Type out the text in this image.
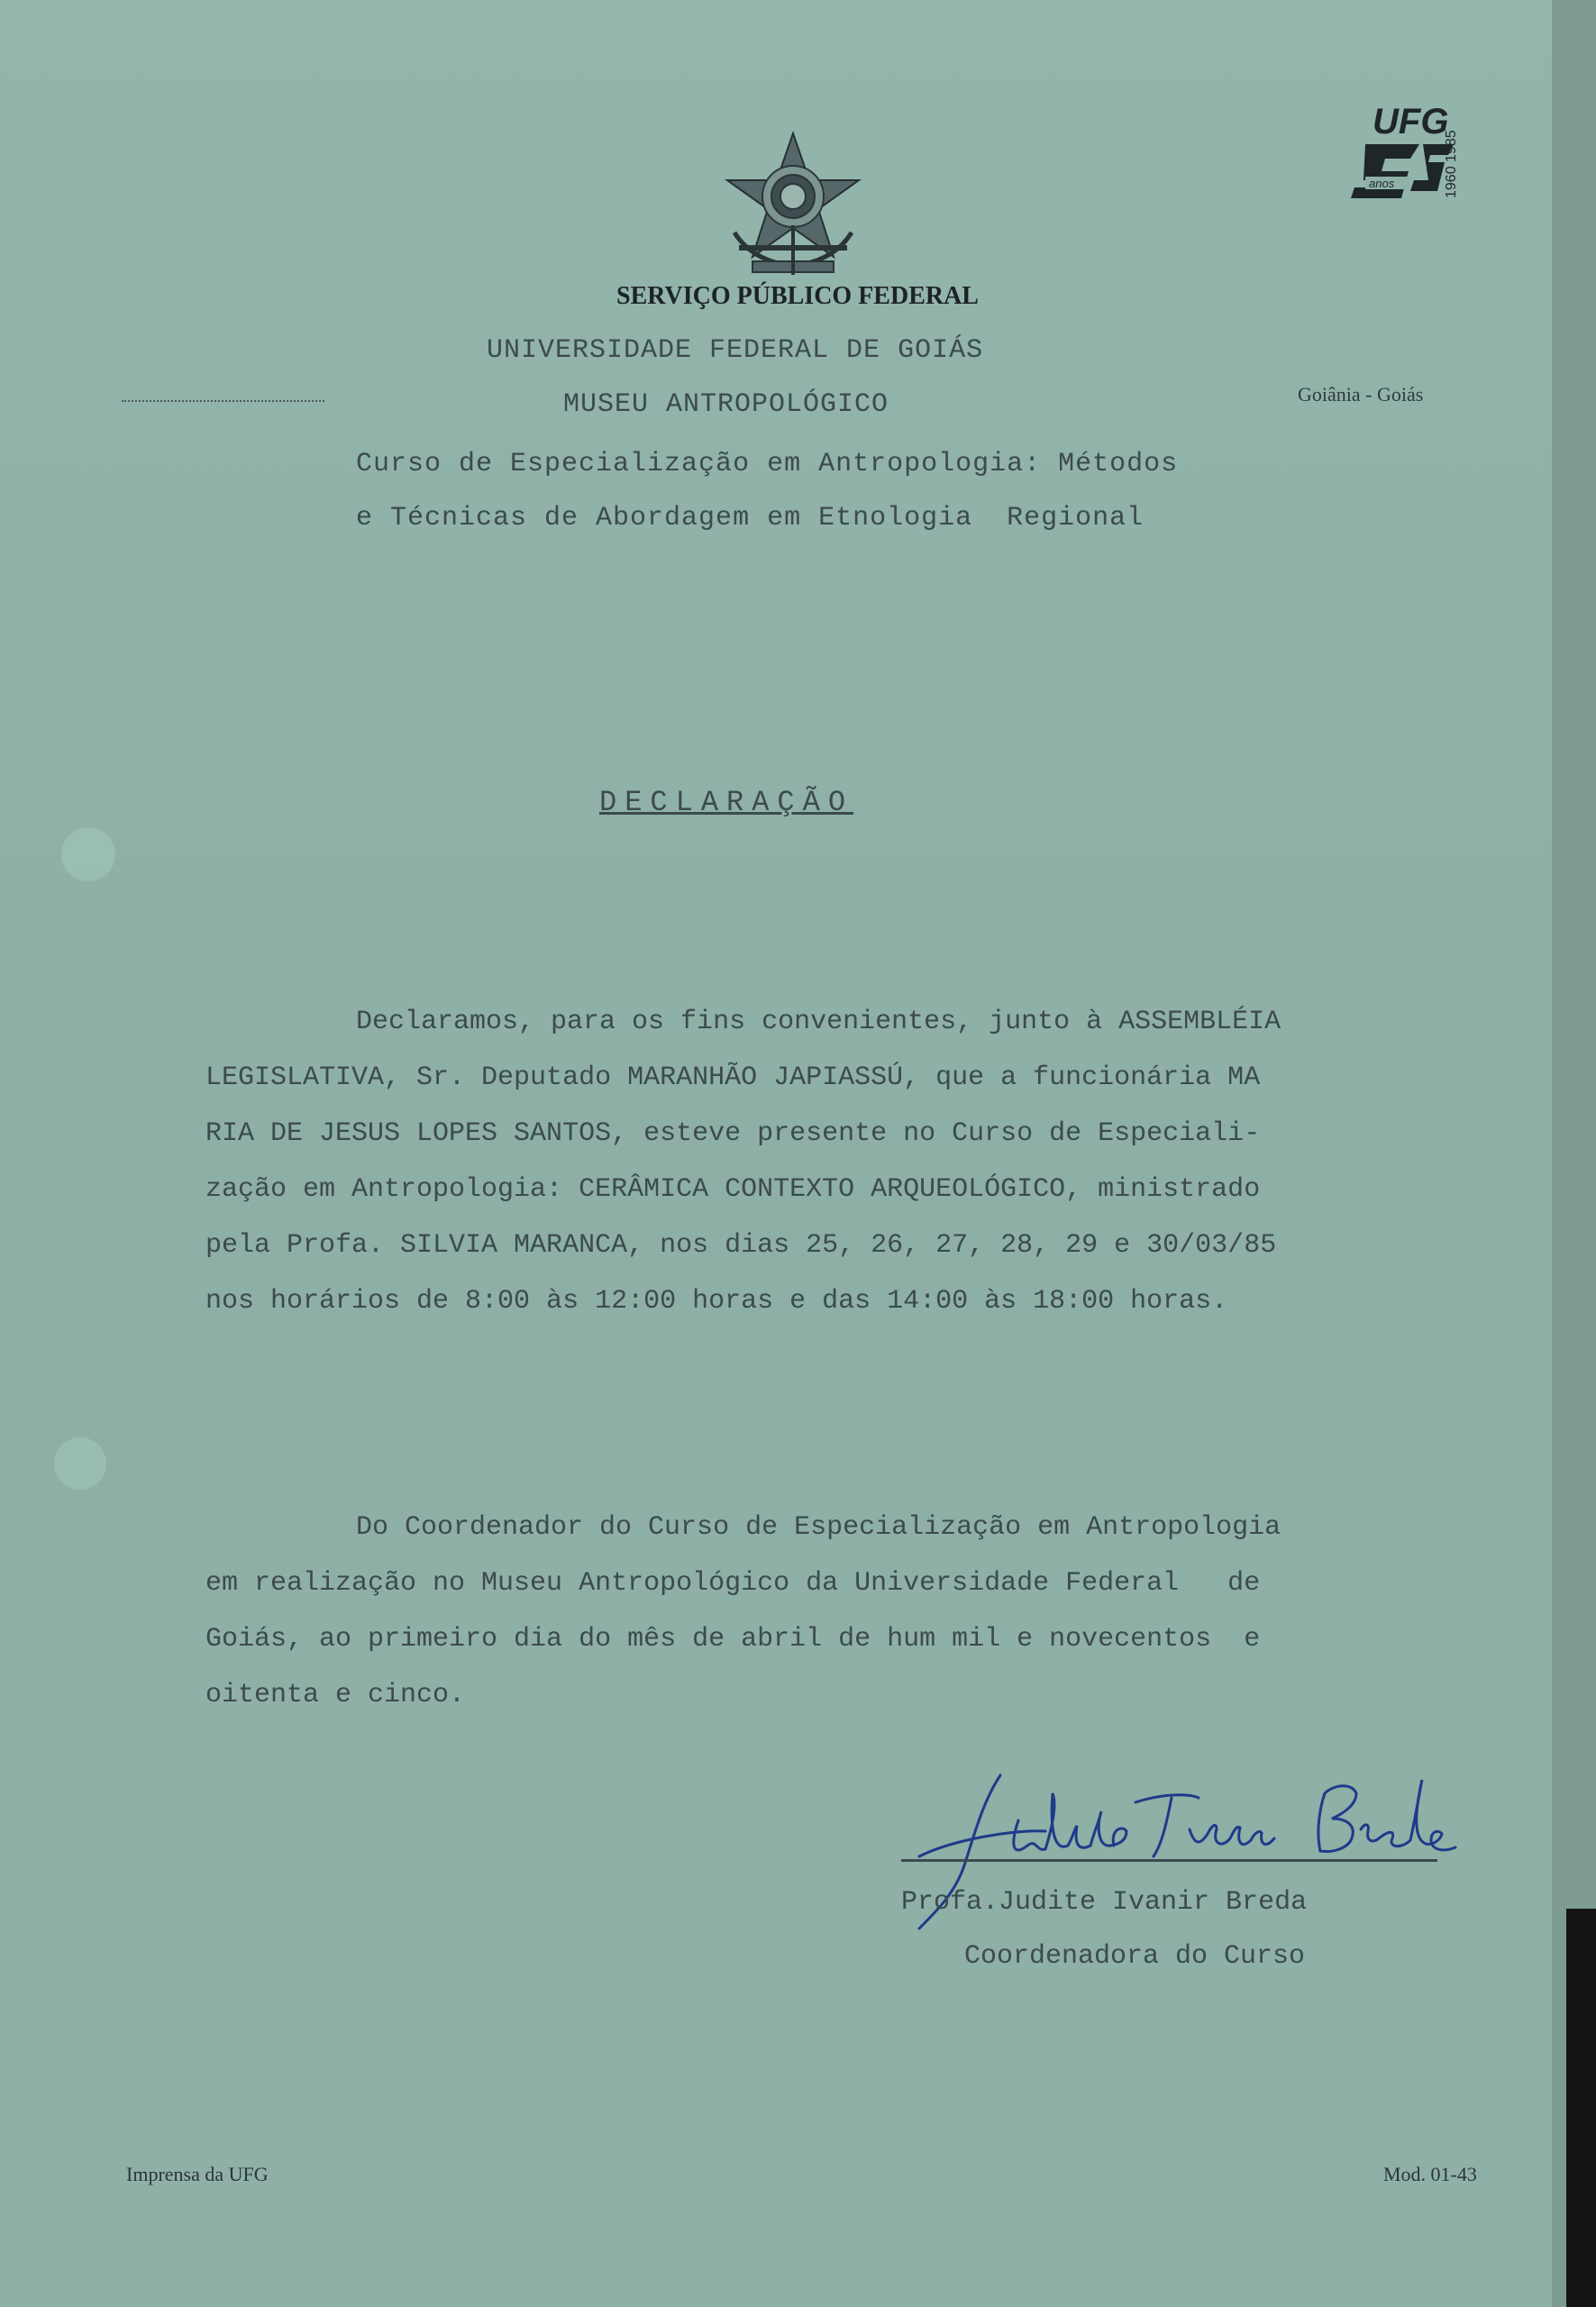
UFG
anos	1960 1985
SERVIÇO PÚBLICO FEDERAL
UNIVERSIDADE FEDERAL DE GOIÁS
MUSEU ANTROPOLÓGICO	Goiânia - Goiás
Curso de Especialização em Antropologia: Métodos
e Técnicas de Abordagem em Etnologia  Regional
DECLARAÇÃO
Declaramos, para os fins convenientes, junto à ASSEMBLÉIA
LEGISLATIVA, Sr. Deputado MARANHÃO JAPIASSÚ, que a funcionária MA
RIA DE JESUS LOPES SANTOS, esteve presente no Curso de Especiali-
zação em Antropologia: CERÂMICA CONTEXTO ARQUEOLÓGICO, ministrado
pela Profa. SILVIA MARANCA, nos dias 25, 26, 27, 28, 29 e 30/03/85
nos horários de 8:00 às 12:00 horas e das 14:00 às 18:00 horas.
Do Coordenador do Curso de Especialização em Antropologia
em realização no Museu Antropológico da Universidade Federal   de
Goiás, ao primeiro dia do mês de abril de hum mil e novecentos  e
oitenta e cinco.
Profa.Judite Ivanir Breda
Coordenadora do Curso
Imprensa da UFG	Mod. 01-43
